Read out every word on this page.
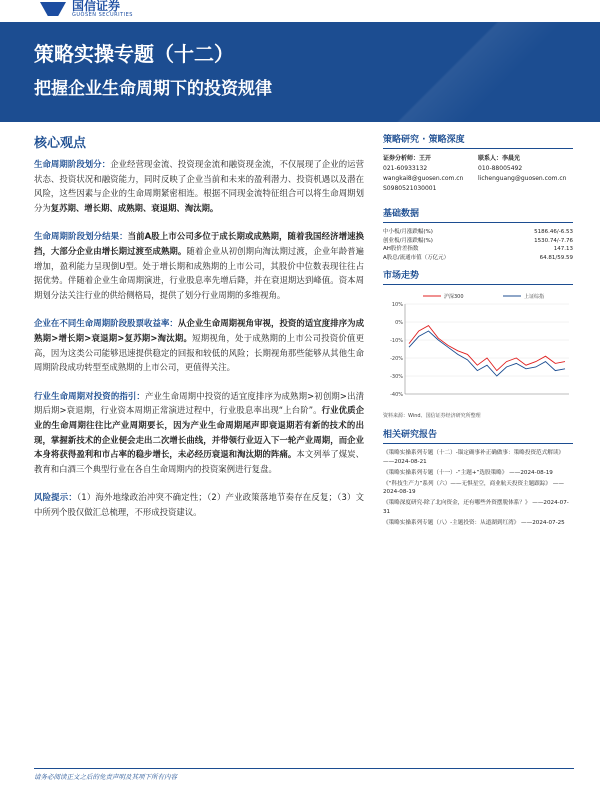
国信证券
GUOSEN SECURITIES
策略实操专题（十二）
把握企业生命周期下的投资规律
核心观点

生命周期阶段划分：企业经营现金流、投资现金流和融资现金流，不仅展现了企业的运营状态、投资状况和融资能力，同时反映了企业当前和未来的盈利潜力、投资机遇以及潜在风险，这些因素与企业的生命周期紧密相连。根据不同现金流特征组合可以将生命周期划分为复苏期、增长期、成熟期、衰退期、淘汰期。

生命周期阶段划分结果：当前A股上市公司多位于成长期或成熟期，随着我国经济增速换挡，大部分企业由增长期过渡至成熟期。随着企业从初创期向淘汰期过渡，企业年龄普遍增加，盈利能力呈现倒U型。处于增长期和成熟期的上市公司，其股价中位数表现往往占据优势。伴随着企业生命周期演进，行业股息率先增后降，并在衰退期达到峰值。资本周期划分法关注行业的供给侧格局，提供了划分行业周期的多维视角。

企业在不同生命周期阶段股票收益率：从企业生命周期视角审视，投资的适宜度排序为成熟期>增长期>衰退期>复苏期>淘汰期。短期视角，处于成熟期的上市公司投资价值更高，因为这类公司能够迅速提供稳定的回报和较低的风险；长期视角那些能够从其他生命周期阶段成功转型至成熟期的上市公司，更值得关注。

行业生命周期对投资的指引：产业生命周期中投资的适宜度排序为成熟期>初创期>出清期后期>衰退期，行业资本周期正常演进过程中，行业股息率出现“上台阶”。行业优质企业的生命周期往往比产业周期要长，因为产业生命周期尾声即衰退期若有新的技术的出现，掌握新技术的企业便会走出二次增长曲线，并带领行业迈入下一轮产业周期，而企业本身将获得盈利和市占率的稳步增长，未必经历衰退和淘汰期的阵痛。本文列举了煤炭、教育和白酒三个典型行业在各自生命周期内的投资案例进行复盘。

风险提示：（1）海外地缘政治冲突不确定性；（2）产业政策落地节奏存在反复；（3）文中所列个股仅做汇总梳理，不形成投资建议。

策略研究 · 策略深度
证券分析师：王开
021-60933132
wangkai8@guosen.com.cn
S0980521030001
联系人：李晨光
010-88005492
lichenguang@guosen.com.cn
基础数据
中小板/月涨跌幅(%)	5186.46/-6.53
创业板/月涨跌幅(%)	1530.74/-7.76
AH股价差指数	147.13
A股总/流通市值（万亿元）	64.81/59.59
市场走势
10%
0%
-10%
-20%
-30%
-40%
沪深300	上证综指
资料来源：Wind、国信证券经济研究所整理
相关研究报告
《策略实操系列专题（十二）-锚定确事补正确做事：策略投资范式解读》 ——2024-08-21
《策略实操系列专题（十一）-“主题+”选股策略》 ——2024-08-19
《“科技生产力”系列（六）——无惧星空，商业航天投资主题跟踪》 ——2024-08-19
《策略深度研究-除了北向资金，还有哪些外资摆脱体系？》 ——2024-07-31
《策略实操系列专题（八）-主题投资：从道湖到红湾》 ——2024-07-25
请务必阅读正文之后的免责声明及其项下所有内容
